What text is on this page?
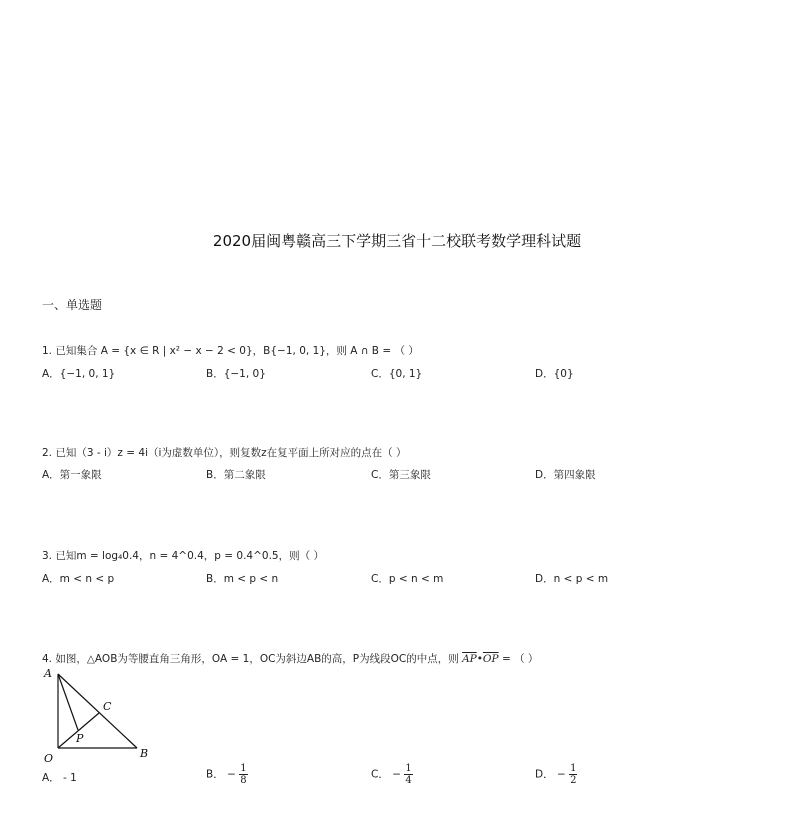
2020届闽粤赣高三下学期三省十二校联考数学理科试题
一、单选题
1. 已知集合 A = {x ∈ R | x² − x − 2 < 0}，B{−1, 0, 1}，则 A ∩ B = （ ）
A．{−1, 0, 1}	B．{−1, 0}	C．{0, 1}	D．{0}
2. 已知（3 - i）z = 4i（i为虚数单位），则复数z在复平面上所对应的点在（ ）
A．第一象限	B．第二象限	C．第三象限	D．第四象限
3. 已知m = log₄0.4，n = 4^0.4，p = 0.4^0.5，则（ ）
A．m < n < p	B．m < p < n	C．p < n < m	D．n < p < m
4. 如图，△AOB为等腰直角三角形，OA = 1，OC为斜边AB的高，P为线段OC的中点，则 $\overline{AP}•\overline{OP}$ = （ ）
A
C
P
O	B
A． - 1	B． − $\frac{1}{8}$	C． − $\frac{1}{4}$	D． − $\frac{1}{2}$
